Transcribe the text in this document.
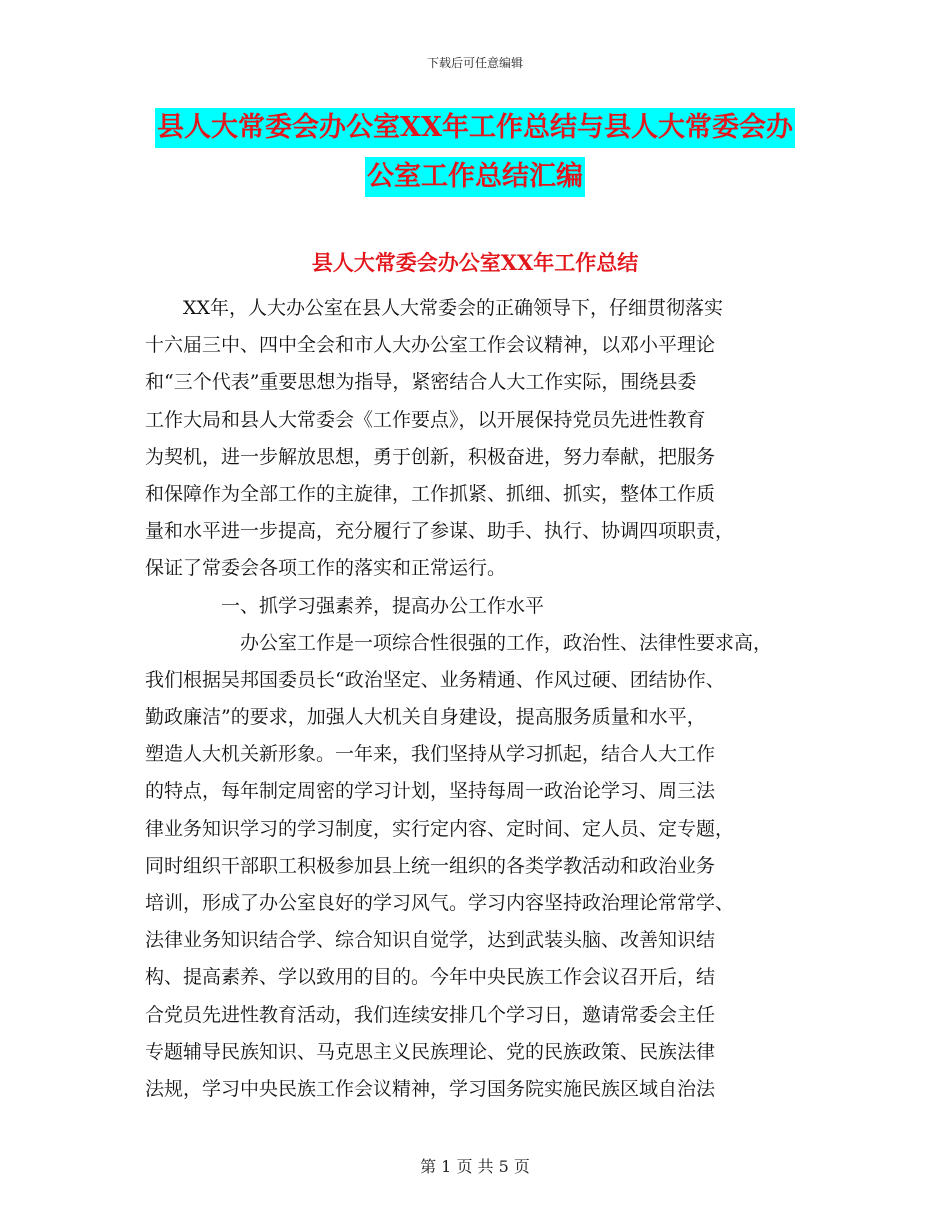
下载后可任意编辑
县人大常委会办公室XX年工作总结与县人大常委会办
公室工作总结汇编
县人大常委会办公室XX年工作总结
　　XX年，人大办公室在县人大常委会的正确领导下，仔细贯彻落实
十六届三中、四中全会和市人大办公室工作会议精神，以邓小平理论
和“三个代表”重要思想为指导，紧密结合人大工作实际，围绕县委
工作大局和县人大常委会《工作要点》，以开展保持党员先进性教育
为契机，进一步解放思想，勇于创新，积极奋进，努力奉献，把服务
和保障作为全部工作的主旋律，工作抓紧、抓细、抓实，整体工作质
量和水平进一步提高，充分履行了参谋、助手、执行、协调四项职责，
保证了常委会各项工作的落实和正常运行。
　　　　一、抓学习强素养，提高办公工作水平
　　　　　办公室工作是一项综合性很强的工作，政治性、法律性要求高，
我们根据吴邦国委员长“政治坚定、业务精通、作风过硬、团结协作、
勤政廉洁”的要求，加强人大机关自身建设，提高服务质量和水平，
塑造人大机关新形象。一年来，我们坚持从学习抓起，结合人大工作
的特点，每年制定周密的学习计划，坚持每周一政治论学习、周三法
律业务知识学习的学习制度，实行定内容、定时间、定人员、定专题，
同时组织干部职工积极参加县上统一组织的各类学教活动和政治业务
培训，形成了办公室良好的学习风气。学习内容坚持政治理论常常学、
法律业务知识结合学、综合知识自觉学，达到武装头脑、改善知识结
构、提高素养、学以致用的目的。今年中央民族工作会议召开后，结
合党员先进性教育活动，我们连续安排几个学习日，邀请常委会主任
专题辅导民族知识、马克思主义民族理论、党的民族政策、民族法律
法规，学习中央民族工作会议精神，学习国务院实施民族区域自治法
第 1 页 共 5 页
